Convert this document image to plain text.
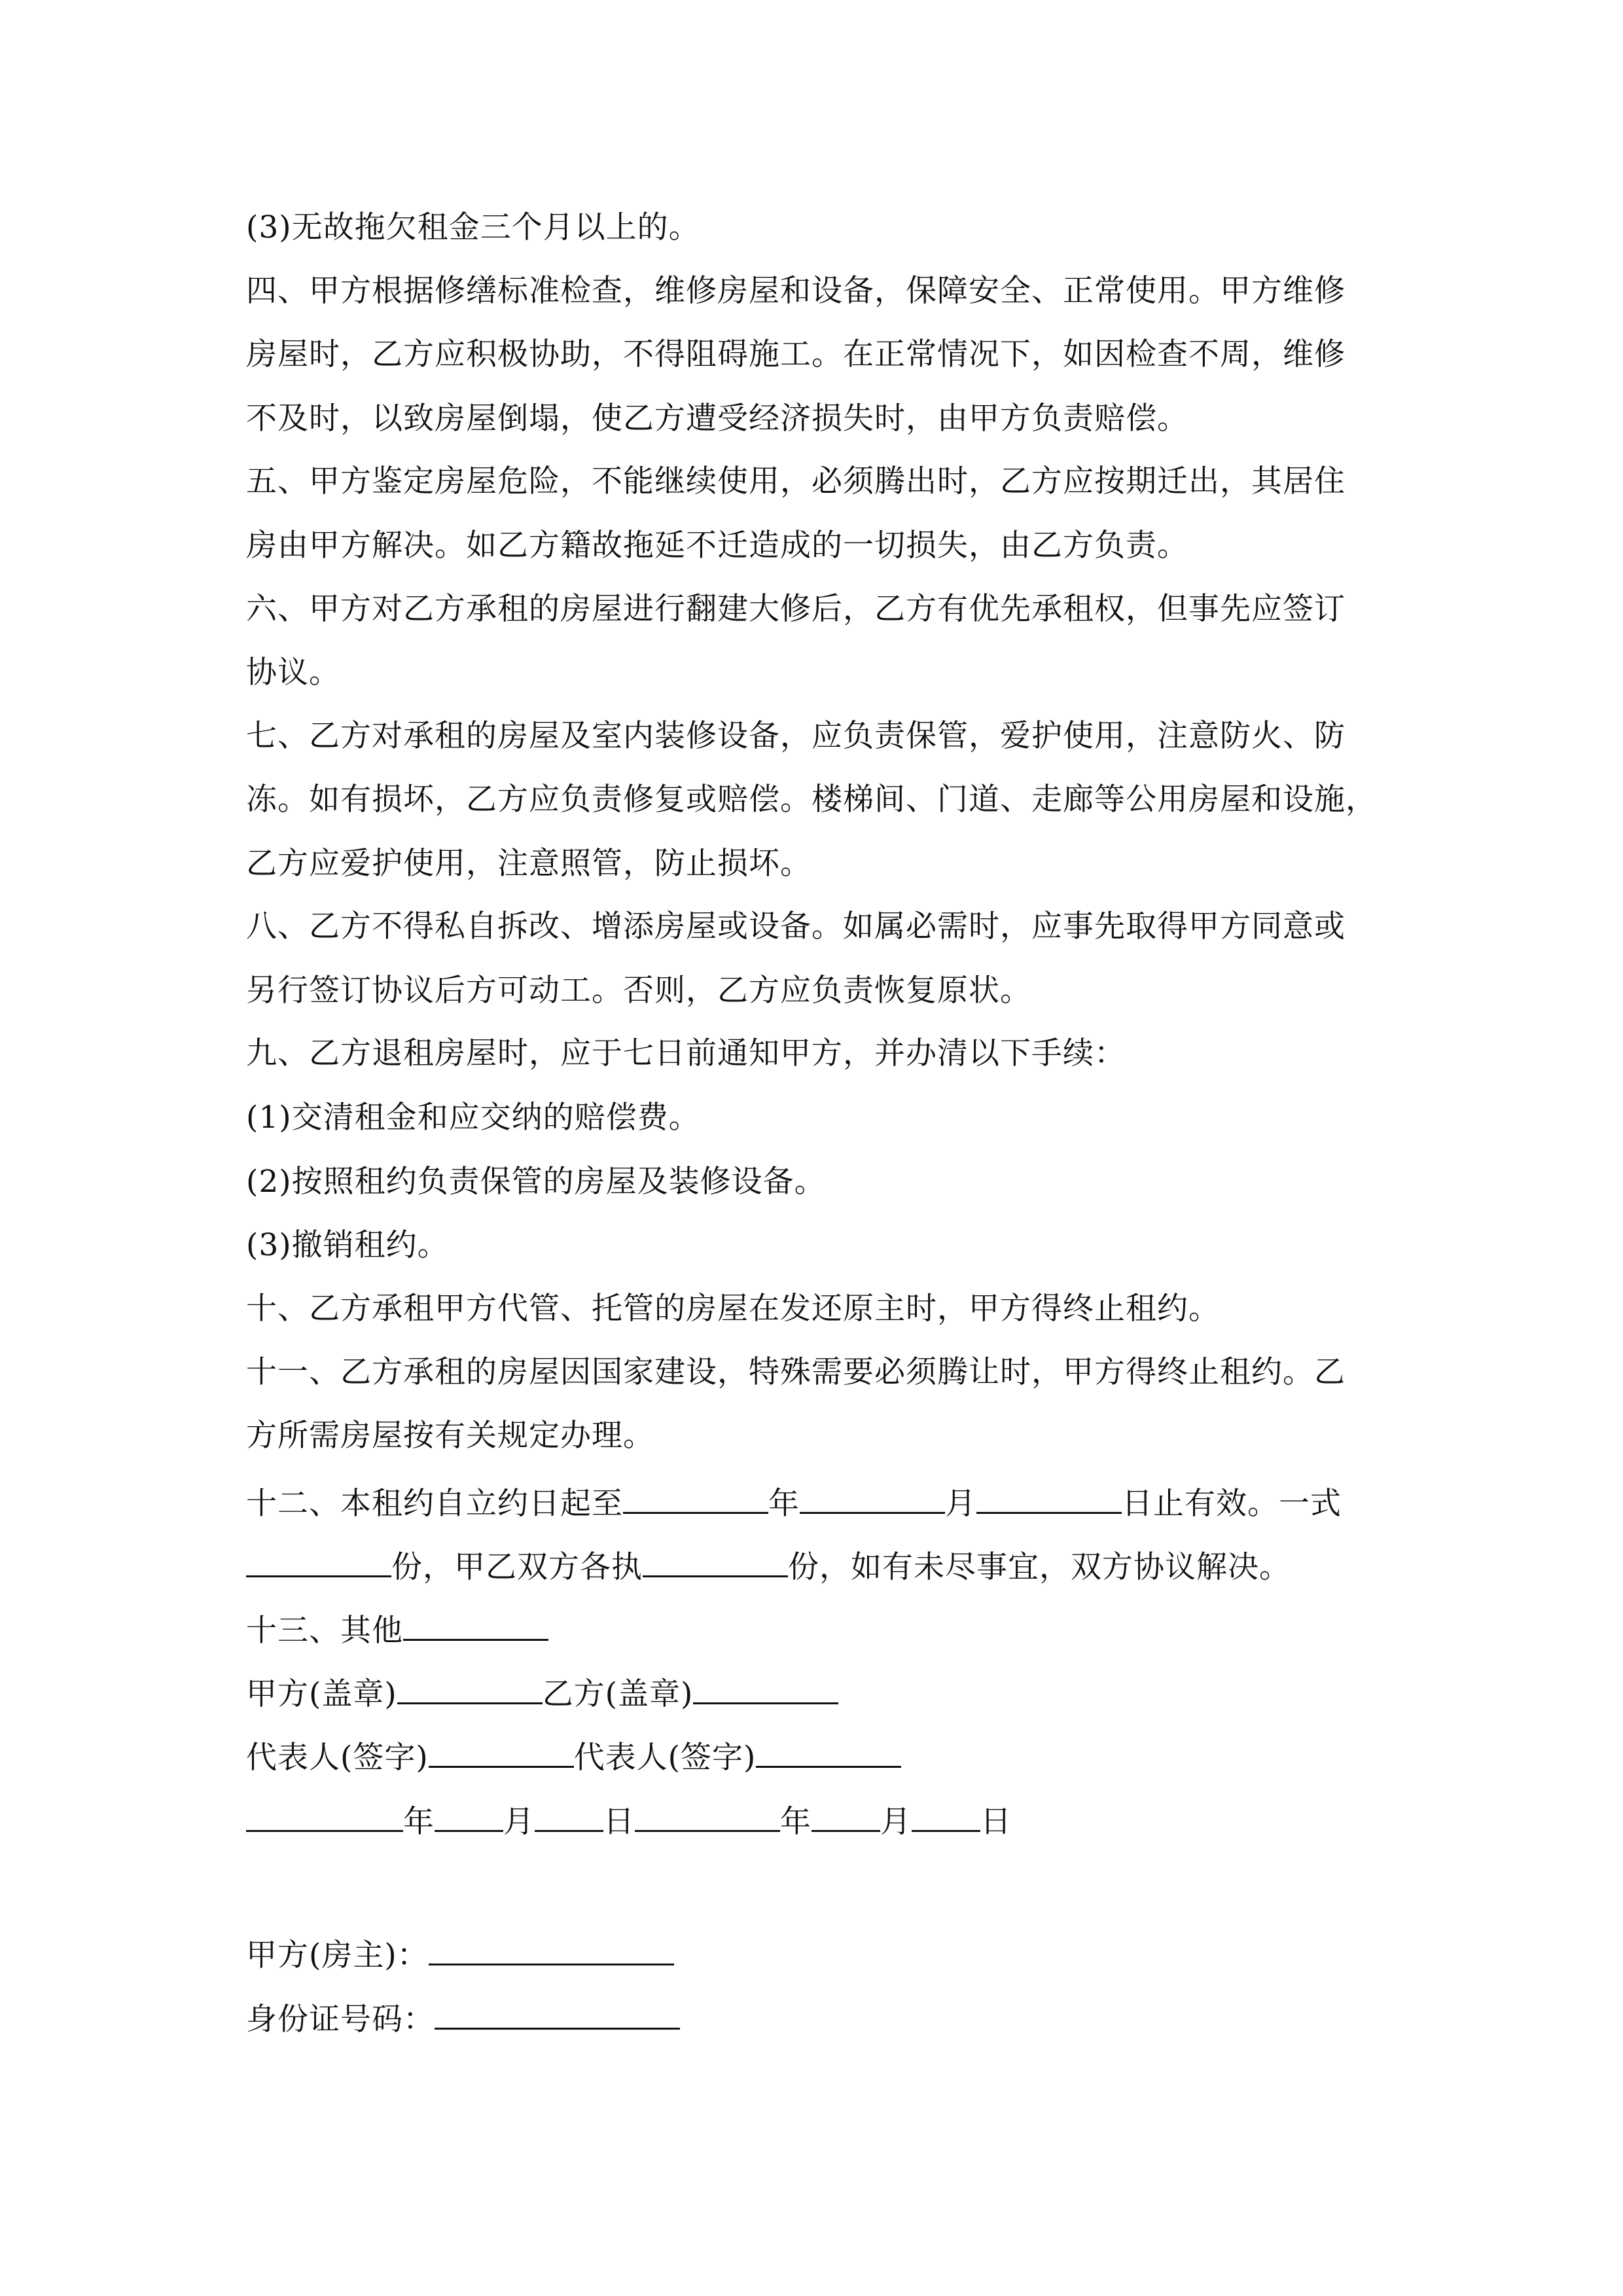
(3)无故拖欠租金三个月以上的。
四、甲方根据修缮标准检查，维修房屋和设备，保障安全、正常使用。甲方维修
房屋时，乙方应积极协助，不得阻碍施工。在正常情况下，如因检查不周，维修
不及时，以致房屋倒塌，使乙方遭受经济损失时，由甲方负责赔偿。
五、甲方鉴定房屋危险，不能继续使用，必须腾出时，乙方应按期迁出，其居住
房由甲方解决。如乙方籍故拖延不迁造成的一切损失，由乙方负责。
六、甲方对乙方承租的房屋进行翻建大修后，乙方有优先承租权，但事先应签订
协议。
七、乙方对承租的房屋及室内装修设备，应负责保管，爱护使用，注意防火、防
冻。如有损坏，乙方应负责修复或赔偿。楼梯间、门道、走廊等公用房屋和设施，
乙方应爱护使用，注意照管，防止损坏。
八、乙方不得私自拆改、增添房屋或设备。如属必需时，应事先取得甲方同意或
另行签订协议后方可动工。否则，乙方应负责恢复原状。
九、乙方退租房屋时，应于七日前通知甲方，并办清以下手续：
(1)交清租金和应交纳的赔偿费。
(2)按照租约负责保管的房屋及装修设备。
(3)撤销租约。
十、乙方承租甲方代管、托管的房屋在发还原主时，甲方得终止租约。
十一、乙方承租的房屋因国家建设，特殊需要必须腾让时，甲方得终止租约。乙
方所需房屋按有关规定办理。
十二、本租约自立约日起至	年	月	日止有效。一式
份，甲乙双方各执	份，如有未尽事宜，双方协议解决。
十三、其他
甲方(盖章)	乙方(盖章)
代表人(签字)	代表人(签字)
年 月 日	年 月 日
甲方(房主)：
身份证号码：
